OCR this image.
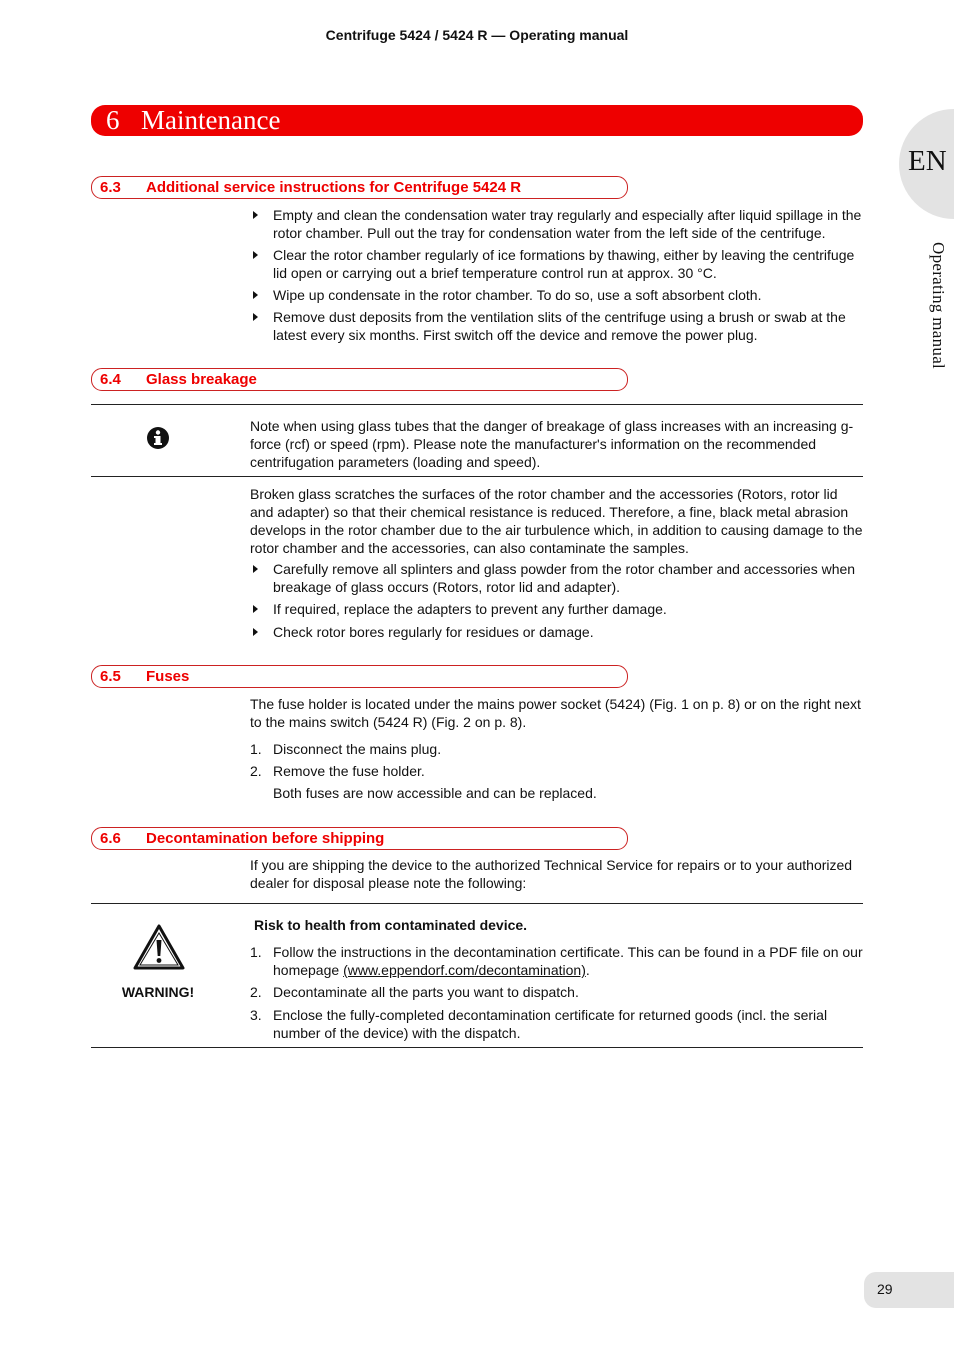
Centrifuge 5424 / 5424 R — Operating manual
6 Maintenance
EN
Operating manual
6.3 Additional service instructions for Centrifuge 5424 R
Empty and clean the condensation water tray regularly and especially after liquid spillage in the rotor chamber. Pull out the tray for condensation water from the left side of the centrifuge.
Clear the rotor chamber regularly of ice formations by thawing, either by leaving the centrifuge lid open or carrying out a brief temperature control run at approx. 30 °C.
Wipe up condensate in the rotor chamber. To do so, use a soft absorbent cloth.
Remove dust deposits from the ventilation slits of the centrifuge using a brush or swab at the latest every six months. First switch off the device and remove the power plug.
6.4 Glass breakage
Note when using glass tubes that the danger of breakage of glass increases with an increasing g-force (rcf) or speed (rpm). Please note the manufacturer's information on the recommended centrifugation parameters (loading and speed).
Broken glass scratches the surfaces of the rotor chamber and the accessories (Rotors, rotor lid and adapter) so that their chemical resistance is reduced. Therefore, a fine, black metal abrasion develops in the rotor chamber due to the air turbulence which, in addition to causing damage to the rotor chamber and the accessories, can also contaminate the samples.
Carefully remove all splinters and glass powder from the rotor chamber and accessories when breakage of glass occurs (Rotors, rotor lid and adapter).
If required, replace the adapters to prevent any further damage.
Check rotor bores regularly for residues or damage.
6.5 Fuses
The fuse holder is located under the mains power socket (5424) (Fig. 1 on p. 8) or on the right next to the mains switch (5424 R) (Fig. 2 on p. 8).
1. Disconnect the mains plug.
2. Remove the fuse holder.
Both fuses are now accessible and can be replaced.
6.6 Decontamination before shipping
If you are shipping the device to the authorized Technical Service for repairs or to your authorized dealer for disposal please note the following:
WARNING!
Risk to health from contaminated device.
1. Follow the instructions in the decontamination certificate. This can be found in a PDF file on our homepage (www.eppendorf.com/decontamination).
2. Decontaminate all the parts you want to dispatch.
3. Enclose the fully-completed decontamination certificate for returned goods (incl. the serial number of the device) with the dispatch.
29
